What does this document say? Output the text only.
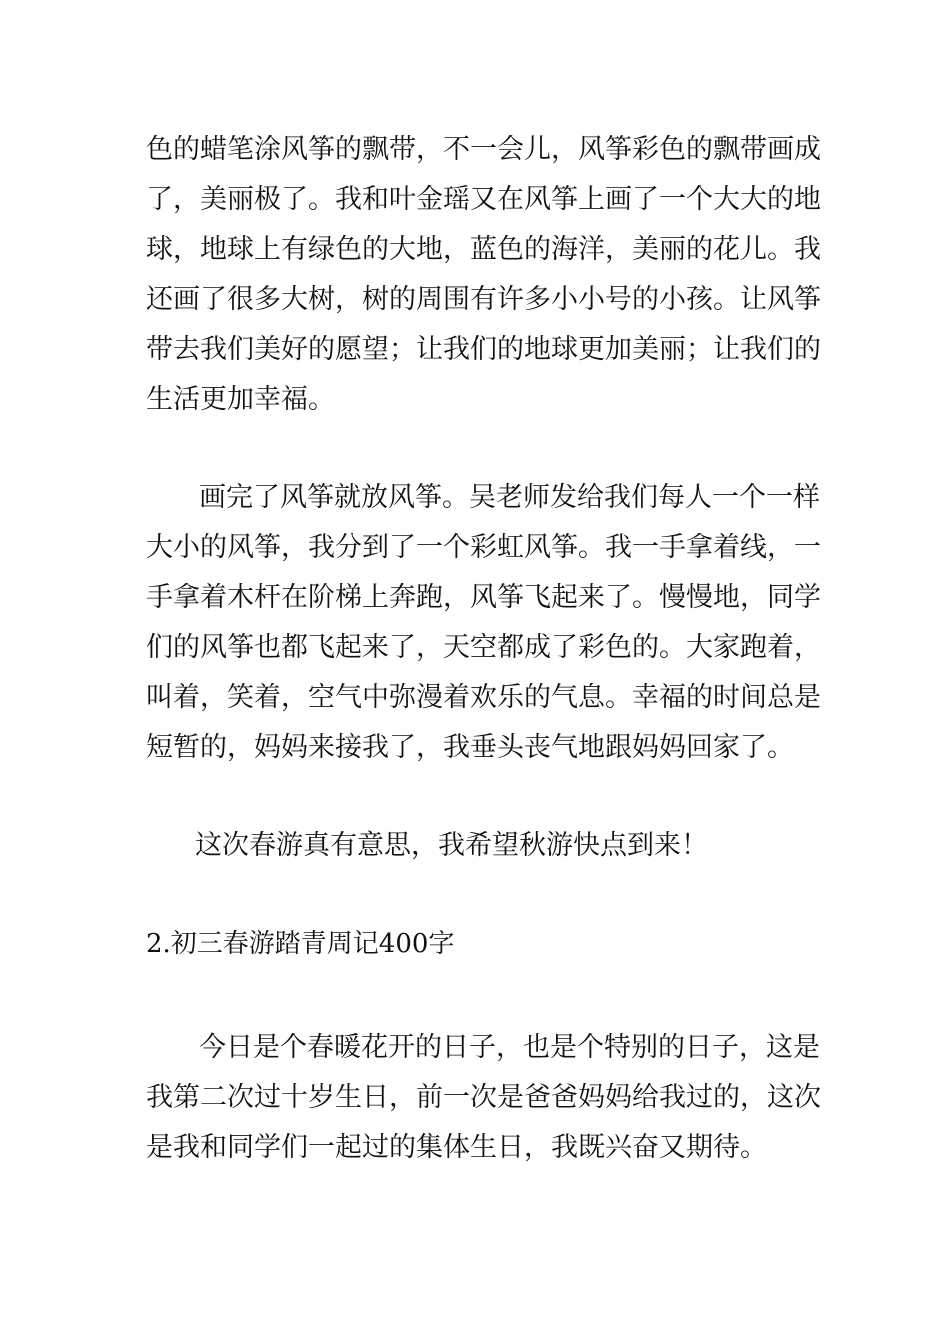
色的蜡笔涂风筝的飘带，不一会儿，风筝彩色的飘带画成

了，美丽极了。我和叶金瑶又在风筝上画了一个大大的地

球，地球上有绿色的大地，蓝色的海洋，美丽的花儿。我

还画了很多大树，树的周围有许多小小号的小孩。让风筝

带去我们美好的愿望；让我们的地球更加美丽；让我们的

生活更加幸福。

画完了风筝就放风筝。吴老师发给我们每人一个一样

大小的风筝，我分到了一个彩虹风筝。我一手拿着线，一

手拿着木杆在阶梯上奔跑，风筝飞起来了。慢慢地，同学

们的风筝也都飞起来了，天空都成了彩色的。大家跑着，

叫着，笑着，空气中弥漫着欢乐的气息。幸福的时间总是

短暂的，妈妈来接我了，我垂头丧气地跟妈妈回家了。

这次春游真有意思，我希望秋游快点到来！

2.初三春游踏青周记400字

今日是个春暖花开的日子，也是个特别的日子，这是

我第二次过十岁生日，前一次是爸爸妈妈给我过的，这次

是我和同学们一起过的集体生日，我既兴奋又期待。
